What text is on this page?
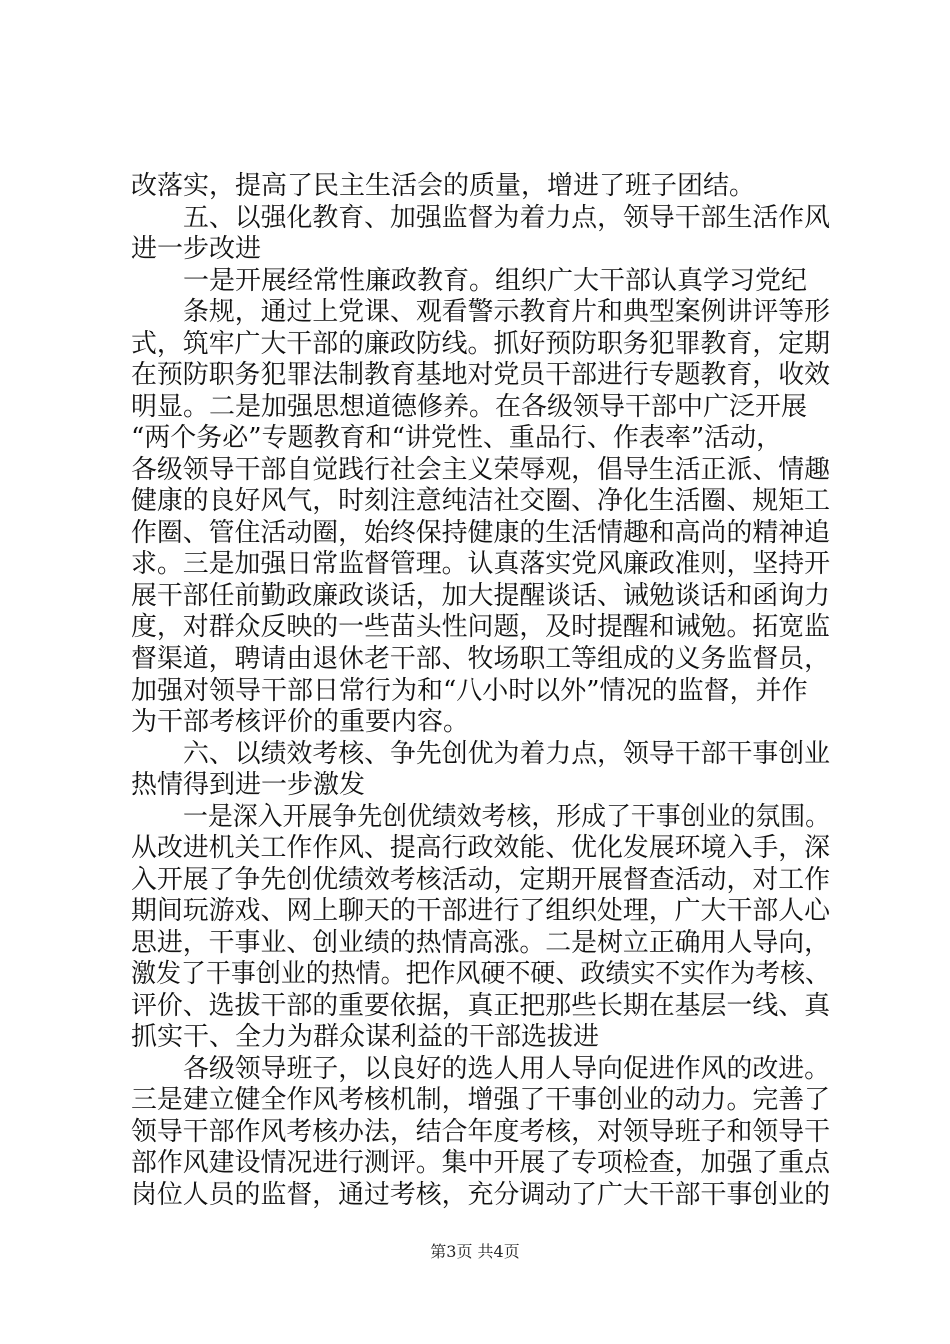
改落实，提高了民主生活会的质量，增进了班子团结。
五、以强化教育、加强监督为着力点，领导干部生活作风
进一步改进
一是开展经常性廉政教育。组织广大干部认真学习党纪
条规，通过上党课、观看警示教育片和典型案例讲评等形
式，筑牢广大干部的廉政防线。抓好预防职务犯罪教育，定期
在预防职务犯罪法制教育基地对党员干部进行专题教育，收效
明显。二是加强思想道德修养。在各级领导干部中广泛开展
“两个务必”专题教育和“讲党性、重品行、作表率”活动，
各级领导干部自觉践行社会主义荣辱观，倡导生活正派、情趣
健康的良好风气，时刻注意纯洁社交圈、净化生活圈、规矩工
作圈、管住活动圈，始终保持健康的生活情趣和高尚的精神追
求。三是加强日常监督管理。认真落实党风廉政准则，坚持开
展干部任前勤政廉政谈话，加大提醒谈话、诫勉谈话和函询力
度，对群众反映的一些苗头性问题，及时提醒和诫勉。拓宽监
督渠道，聘请由退休老干部、牧场职工等组成的义务监督员，
加强对领导干部日常行为和“八小时以外”情况的监督，并作
为干部考核评价的重要内容。
六、以绩效考核、争先创优为着力点，领导干部干事创业
热情得到进一步激发
一是深入开展争先创优绩效考核，形成了干事创业的氛围。
从改进机关工作作风、提高行政效能、优化发展环境入手，深
入开展了争先创优绩效考核活动，定期开展督查活动，对工作
期间玩游戏、网上聊天的干部进行了组织处理，广大干部人心
思进，干事业、创业绩的热情高涨。二是树立正确用人导向，
激发了干事创业的热情。把作风硬不硬、政绩实不实作为考核、
评价、选拔干部的重要依据，真正把那些长期在基层一线、真
抓实干、全力为群众谋利益的干部选拔进
各级领导班子，以良好的选人用人导向促进作风的改进。
三是建立健全作风考核机制，增强了干事创业的动力。完善了
领导干部作风考核办法，结合年度考核，对领导班子和领导干
部作风建设情况进行测评。集中开展了专项检查，加强了重点
岗位人员的监督，通过考核，充分调动了广大干部干事创业的
第3页 共4页
